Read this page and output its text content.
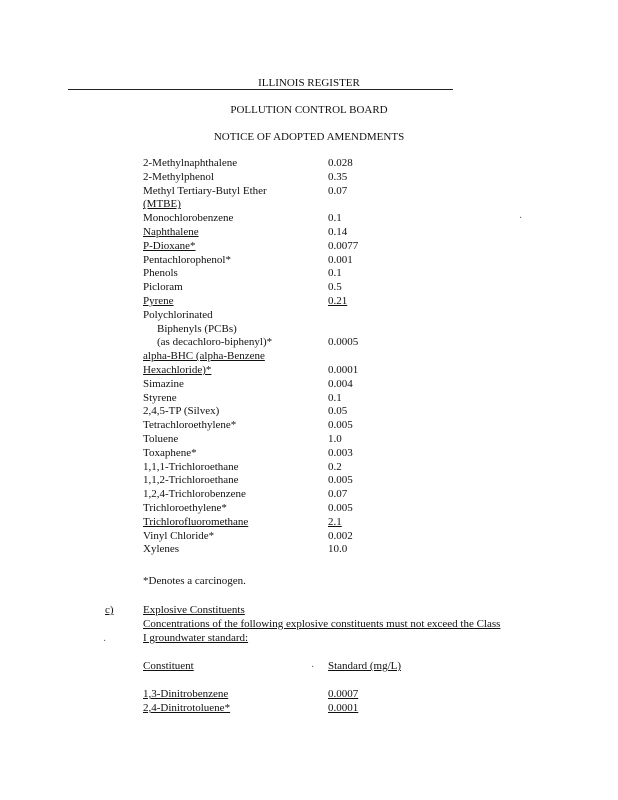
ILLINOIS REGISTER
POLLUTION CONTROL BOARD
NOTICE OF ADOPTED AMENDMENTS
2-Methylnaphthalene	0.028
2-Methylphenol	0.35
Methyl Tertiary-Butyl Ether	0.07
(MTBE)
Monochlorobenzene	0.1
Naphthalene	0.14
P-Dioxane*	0.0077
Pentachlorophenol*	0.001
Phenols	0.1
Picloram	0.5
Pyrene	0.21
Polychlorinated
Biphenyls (PCBs)
(as decachloro-biphenyl)*	0.0005
alpha-BHC (alpha-Benzene
Hexachloride)*	0.0001
Simazine	0.004
Styrene	0.1
2,4,5-TP (Silvex)	0.05
Tetrachloroethylene*	0.005
Toluene	1.0
Toxaphene*	0.003
1,1,1-Trichloroethane	0.2
1,1,2-Trichloroethane	0.005
1,2,4-Trichlorobenzene	0.07
Trichloroethylene*	0.005
Trichlorofluoromethane	2.1
Vinyl Chloride*	0.002
Xylenes	10.0
*Denotes a carcinogen.
c)	Explosive Constituents
Concentrations of the following explosive constituents must not exceed the Class
I groundwater standard:
Constituent	Standard (mg/L)
1,3-Dinitrobenzene	0.0007
2,4-Dinitrotoluene*	0.0001
·
·
·
